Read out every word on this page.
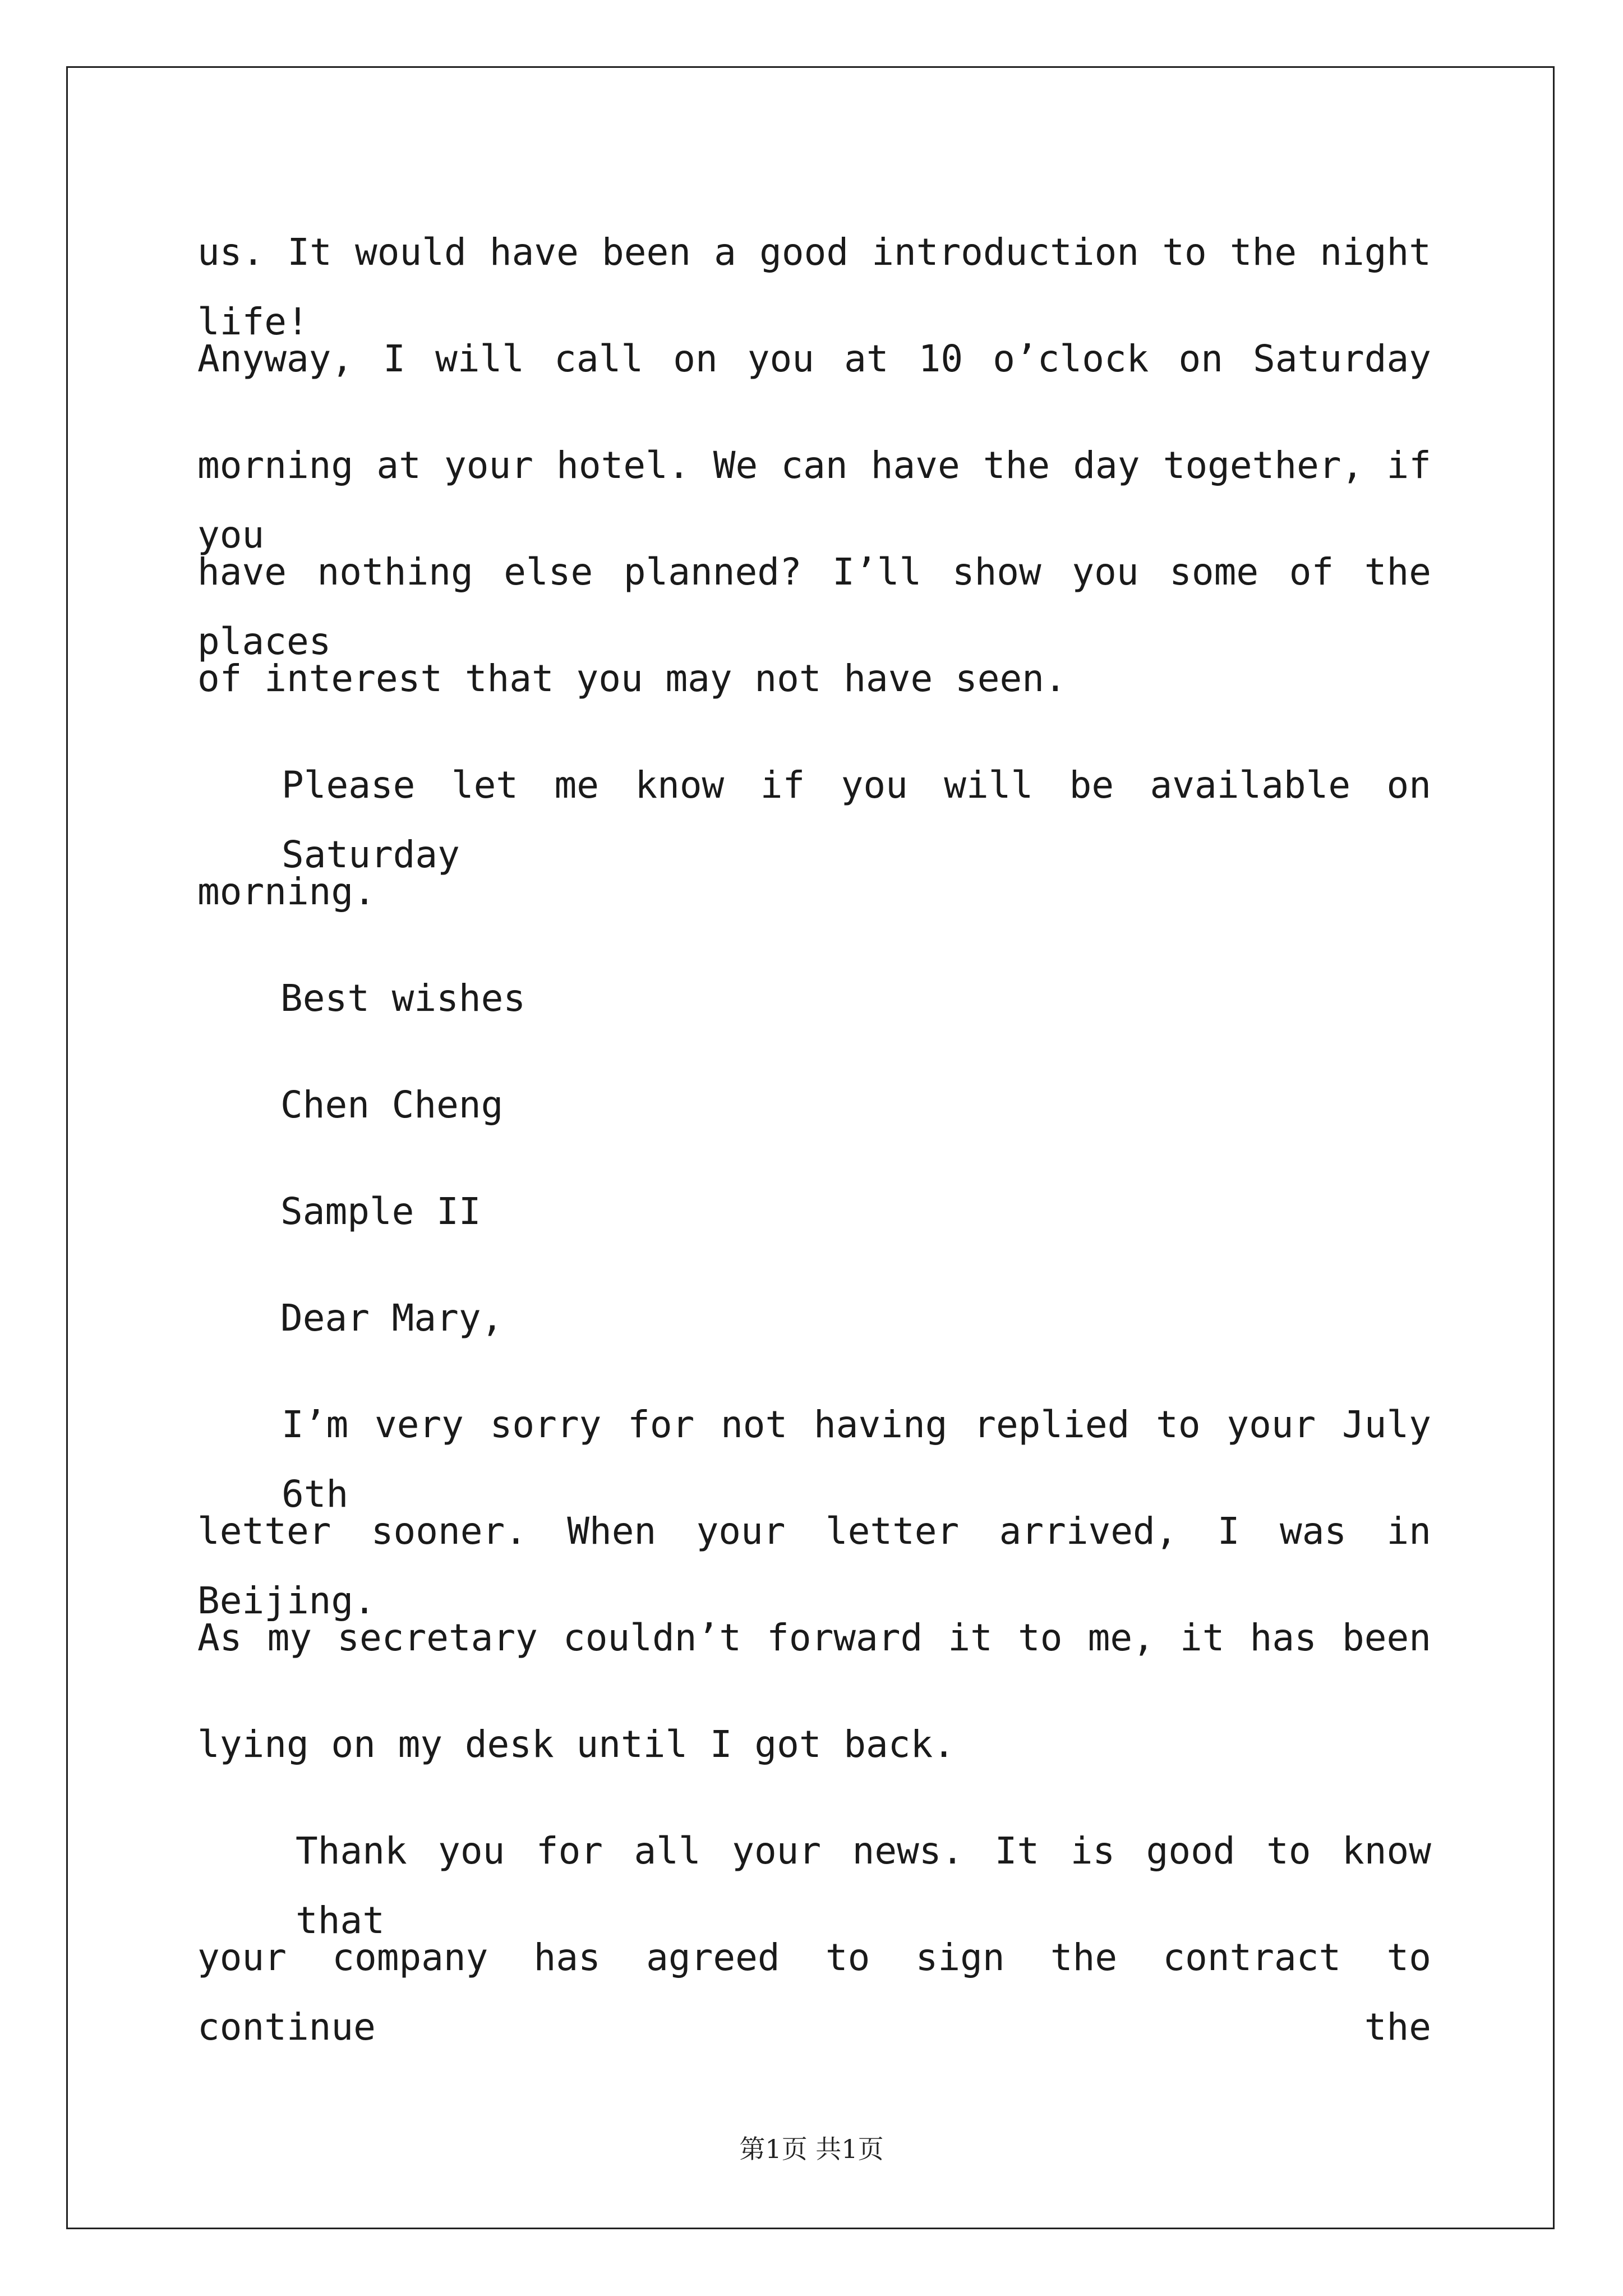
us. It would have been a good introduction to the night life!
Anyway, I will call on you at 10 o’clock on Saturday
morning at your hotel. We can have the day together, if you
have nothing else planned? I’ll show you some of the places
of interest that you may not have seen.
Please let me know if you will be available on Saturday
morning.
Best wishes
Chen Cheng
Sample II
Dear Mary,
I’m very sorry for not having replied to your July 6th
letter sooner. When your letter arrived, I was in Beijing.
As my secretary couldn’t forward it to me, it has been
lying on my desk until I got back.
Thank you for all your news. It is good to know that
your company has agreed to sign the contract to continue the
第1页 共1页
